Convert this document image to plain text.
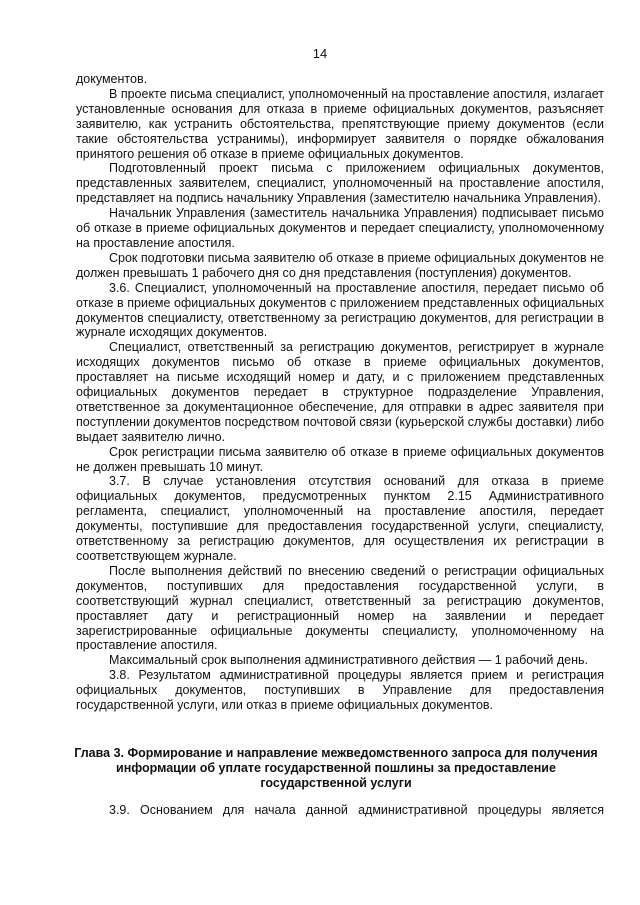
14

документов.

В проекте письма специалист, уполномоченный на проставление апостиля, излагает установленные основания для отказа в приеме официальных документов, разъясняет заявителю, как устранить обстоятельства, препятствующие приему документов (если такие обстоятельства устранимы), информирует заявителя о порядке обжалования принятого решения об отказе в приеме официальных документов.

Подготовленный проект письма с приложением официальных документов, представленных заявителем, специалист, уполномоченный на проставление апостиля, представляет на подпись начальнику Управления (заместителю начальника Управления).

Начальник Управления (заместитель начальника Управления) подписывает письмо об отказе в приеме официальных документов и передает специалисту, уполномоченному на проставление апостиля.

Срок подготовки письма заявителю об отказе в приеме официальных документов не должен превышать 1 рабочего дня со дня представления (поступления) документов.

3.6. Специалист, уполномоченный на проставление апостиля, передает письмо об отказе в приеме официальных документов с приложением представленных официальных документов специалисту, ответственному за регистрацию документов, для регистрации в журнале исходящих документов.

Специалист, ответственный за регистрацию документов, регистрирует в журнале исходящих документов письмо об отказе в приеме официальных документов, проставляет на письме исходящий номер и дату, и с приложением представленных официальных документов передает в структурное подразделение Управления, ответственное за документационное обеспечение, для отправки в адрес заявителя при поступлении документов посредством почтовой связи (курьерской службы доставки) либо выдает заявителю лично.

Срок регистрации письма заявителю об отказе в приеме официальных документов не должен превышать 10 минут.

3.7. В случае установления отсутствия оснований для отказа в приеме официальных документов, предусмотренных пунктом 2.15 Административного регламента, специалист, уполномоченный на проставление апостиля, передает документы, поступившие для предоставления государственной услуги, специалисту, ответственному за регистрацию документов, для осуществления их регистрации в соответствующем журнале.

После выполнения действий по внесению сведений о регистрации официальных документов, поступивших для предоставления государственной услуги, в соответствующий журнал специалист, ответственный за регистрацию документов, проставляет дату и регистрационный номер на заявлении и передает зарегистрированные официальные документы специалисту, уполномоченному на проставление апостиля.

Максимальный срок выполнения административного действия — 1 рабочий день.

3.8. Результатом административной процедуры является прием и регистрация официальных документов, поступивших в Управление для предоставления государственной услуги, или отказ в приеме официальных документов.

Глава 3. Формирование и направление межведомственного запроса для получения информации об уплате государственной пошлины за предоставление государственной услуги

3.9. Основанием для начала данной административной процедуры является
